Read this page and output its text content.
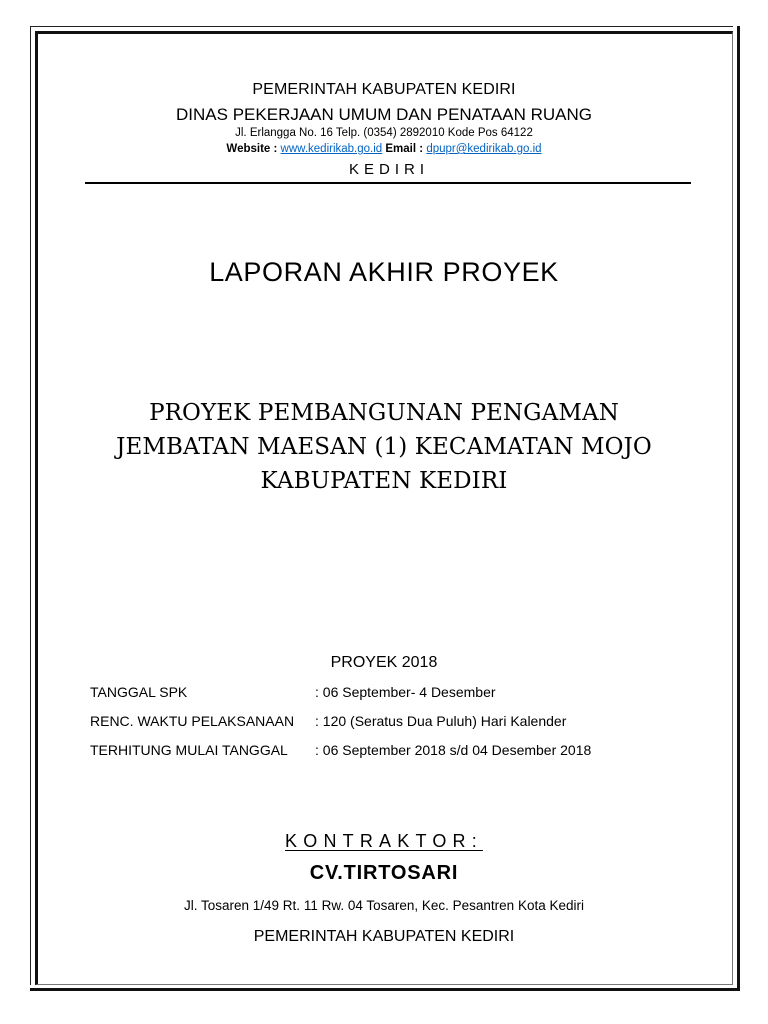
PEMERINTAH KABUPATEN KEDIRI
DINAS PEKERJAAN UMUM DAN PENATAAN RUANG
Jl. Erlangga No. 16 Telp. (0354) 2892010 Kode Pos 64122
Website : www.kedirikab.go.id Email : dpupr@kedirikab.go.id
KEDIRI
LAPORAN AKHIR PROYEK
PROYEK PEMBANGUNAN PENGAMAN
JEMBATAN MAESAN (1) KECAMATAN MOJO
KABUPATEN KEDIRI
PROYEK 2018
TANGGAL SPK	: 06 September- 4 Desember
RENC. WAKTU PELAKSANAAN	: 120 (Seratus Dua Puluh) Hari Kalender
TERHITUNG MULAI TANGGAL	: 06 September 2018 s/d 04 Desember 2018
KONTRAKTOR:
CV.TIRTOSARI
Jl. Tosaren 1/49 Rt. 11 Rw. 04 Tosaren, Kec. Pesantren Kota Kediri
PEMERINTAH KABUPATEN KEDIRI
